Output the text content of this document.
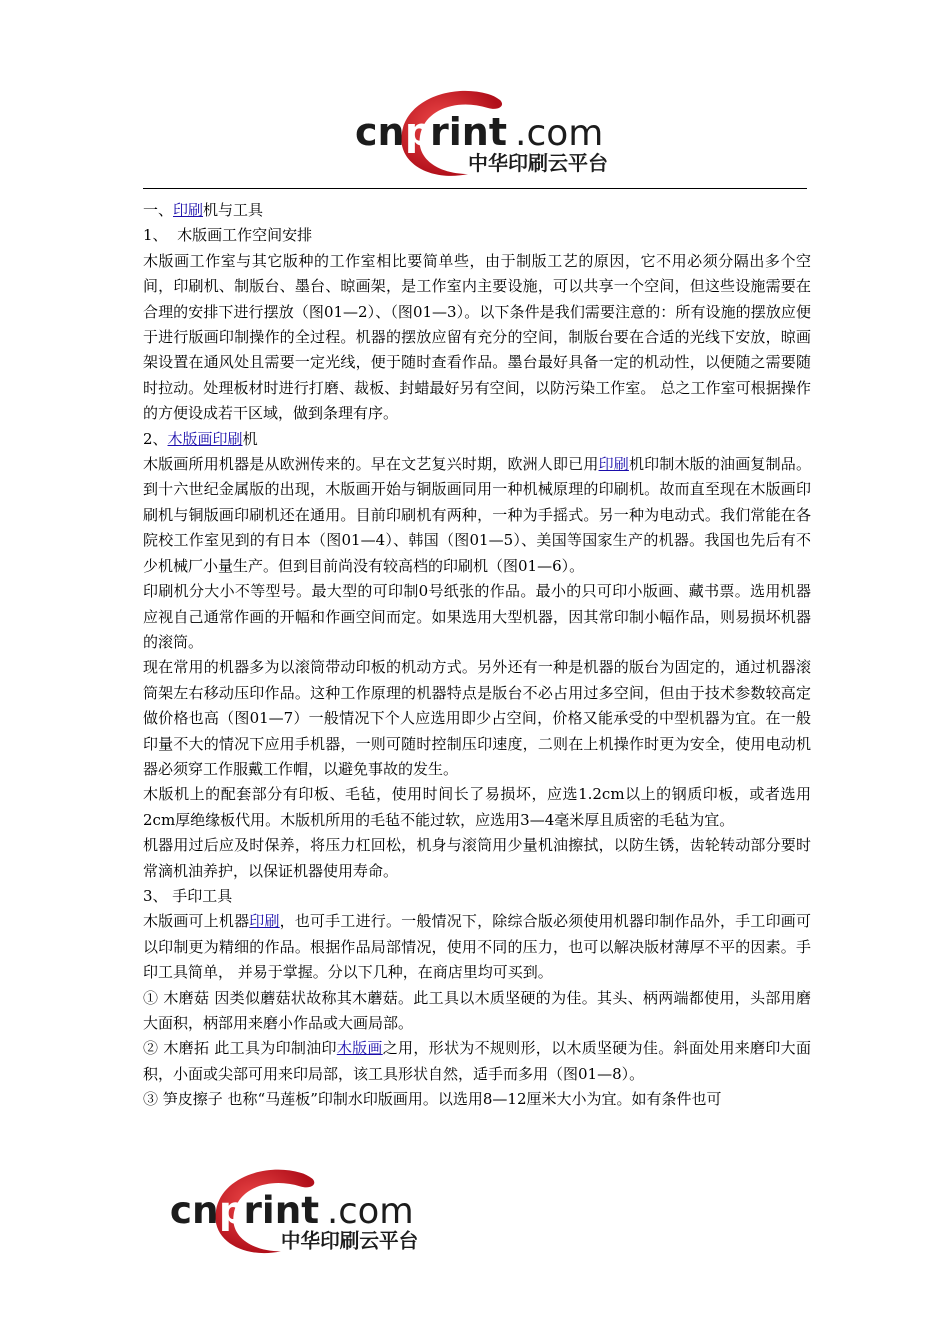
cn p
rint .com
中华印刷云平台

一、印刷机与工具

1、  木版画工作空间安排

木版画工作室与其它版种的工作室相比要简单些，由于制版工艺的原因，它不用必须分隔出多个空间，印刷机、制版台、墨台、晾画架，是工作室内主要设施，可以共享一个空间，但这些设施需要在合理的安排下进行摆放（图01—2）、（图01—3）。以下条件是我们需要注意的：所有设施的摆放应便于进行版画印制操作的全过程。机器的摆放应留有充分的空间，制版台要在合适的光线下安放，晾画架设置在通风处且需要一定光线，便于随时查看作品。墨台最好具备一定的机动性，以便随之需要随时拉动。处理板材时进行打磨、裁板、封蜡最好另有空间，以防污染工作室。 总之工作室可根据操作的方便设成若干区域，做到条理有序。

2、木版画印刷机

木版画所用机器是从欧洲传来的。早在文艺复兴时期，欧洲人即已用印刷机印制木版的油画复制品。到十六世纪金属版的出现，木版画开始与铜版画同用一种机械原理的印刷机。故而直至现在木版画印刷机与铜版画印刷机还在通用。目前印刷机有两种，一种为手摇式。另一种为电动式。我们常能在各院校工作室见到的有日本（图01—4）、韩国（图01—5）、美国等国家生产的机器。我国也先后有不少机械厂小量生产。但到目前尚没有较高档的印刷机（图01—6）。

印刷机分大小不等型号。最大型的可印制0号纸张的作品。最小的只可印小版画、藏书票。选用机器应视自己通常作画的开幅和作画空间而定。如果选用大型机器，因其常印制小幅作品，则易损坏机器的滚筒。

现在常用的机器多为以滚筒带动印板的机动方式。另外还有一种是机器的版台为固定的，通过机器滚筒架左右移动压印作品。这种工作原理的机器特点是版台不必占用过多空间，但由于技术参数较高定做价格也高（图01—7）一般情况下个人应选用即少占空间，价格又能承受的中型机器为宜。在一般印量不大的情况下应用手机器，一则可随时控制压印速度，二则在上机操作时更为安全，使用电动机器必须穿工作服戴工作帽，以避免事故的发生。

木版机上的配套部分有印板、毛毡，使用时间长了易损坏，应选1.2cm以上的钢质印板，或者选用2cm厚绝缘板代用。木版机所用的毛毡不能过软，应选用3—4毫米厚且质密的毛毡为宜。

机器用过后应及时保养，将压力杠回松，机身与滚筒用少量机油擦拭，以防生锈，齿轮转动部分要时常滴机油养护，以保证机器使用寿命。

3、 手印工具

木版画可上机器印刷，也可手工进行。一般情况下，除综合版必须使用机器印制作品外，手工印画可以印制更为精细的作品。根据作品局部情况，使用不同的压力，也可以解决版材薄厚不平的因素。手印工具简单， 并易于掌握。分以下几种，在商店里均可买到。

① 木磨菇 因类似蘑菇状故称其木蘑菇。此工具以木质坚硬的为佳。其头、柄两端都使用，头部用磨大面积，柄部用来磨小作品或大画局部。

② 木磨拓 此工具为印制油印木版画之用，形状为不规则形，以木质坚硬为佳。斜面处用来磨印大面积，小面或尖部可用来印局部，该工具形状自然，适手而多用（图01—8）。

③ 笋皮擦子 也称“马莲板”印制水印版画用。以选用8—12厘米大小为宜。如有条件也可

cn p
rint .com
中华印刷云平台
